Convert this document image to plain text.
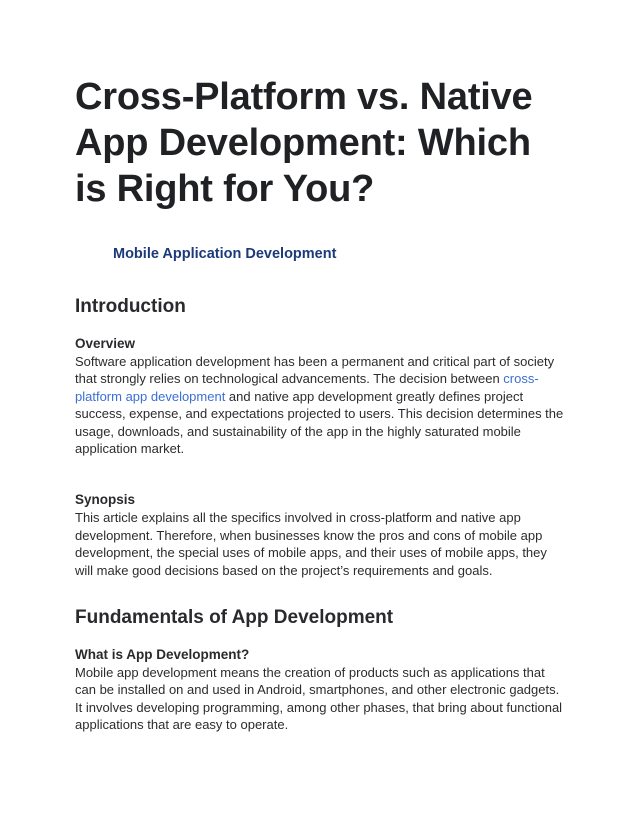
Cross-Platform vs. Native App Development: Which is Right for You?
Mobile Application Development
Introduction
Overview

Software application development has been a permanent and critical part of society that strongly relies on technological advancements. The decision between cross-platform app development and native app development greatly defines project success, expense, and expectations projected to users. This decision determines the usage, downloads, and sustainability of the app in the highly saturated mobile application market.

Synopsis

This article explains all the specifics involved in cross-platform and native app development. Therefore, when businesses know the pros and cons of mobile app development, the special uses of mobile apps, and their uses of mobile apps, they will make good decisions based on the project’s requirements and goals.

Fundamentals of App Development
What is App Development?

Mobile app development means the creation of products such as applications that can be installed on and used in Android, smartphones, and other electronic gadgets. It involves developing programming, among other phases, that bring about functional applications that are easy to operate.
